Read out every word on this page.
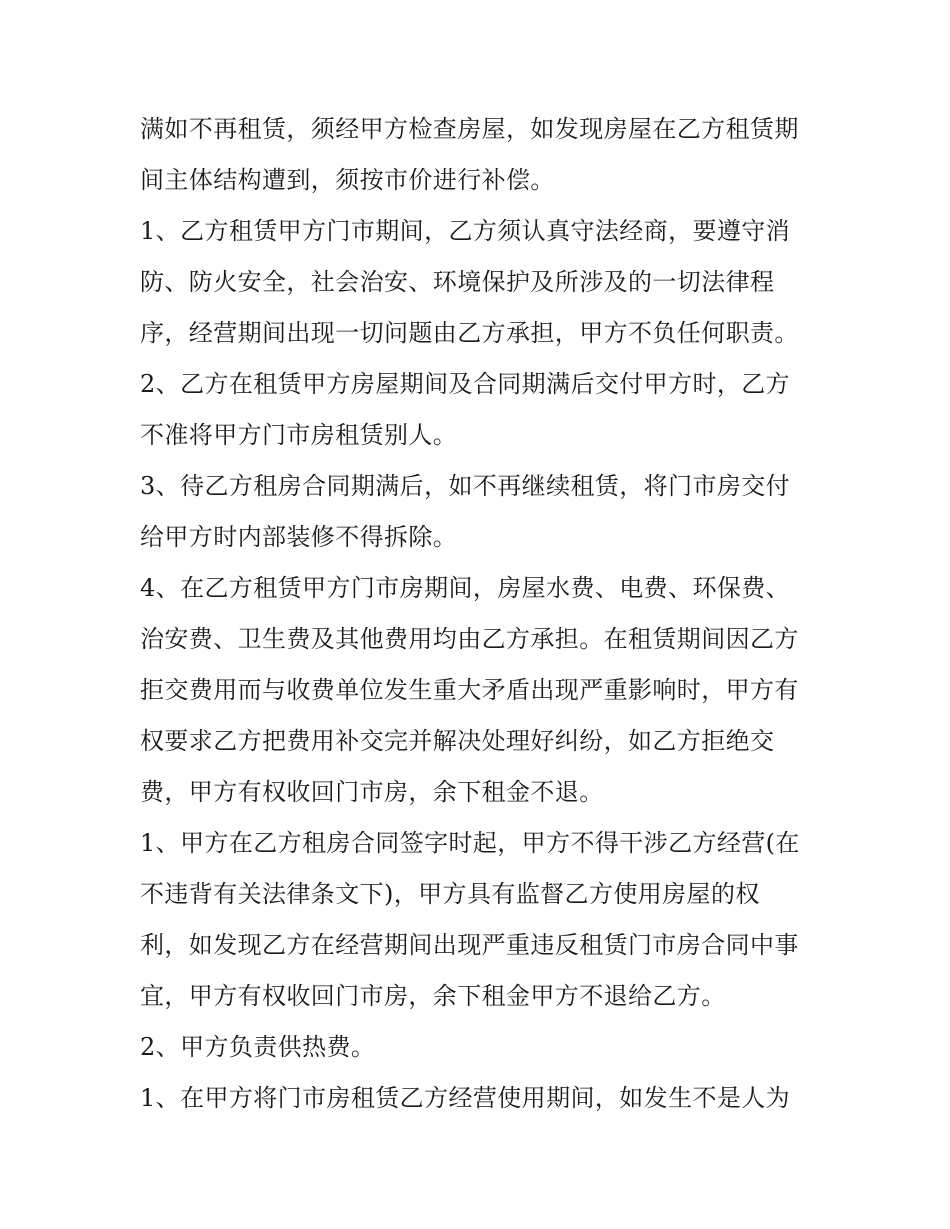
满如不再租赁，须经甲方检查房屋，如发现房屋在乙方租赁期
间主体结构遭到，须按市价进行补偿。
1、乙方租赁甲方门市期间，乙方须认真守法经商，要遵守消
防、防火安全，社会治安、环境保护及所涉及的一切法律程
序，经营期间出现一切问题由乙方承担，甲方不负任何职责。
2、乙方在租赁甲方房屋期间及合同期满后交付甲方时，乙方
不准将甲方门市房租赁别人。
3、待乙方租房合同期满后，如不再继续租赁，将门市房交付
给甲方时内部装修不得拆除。
4、在乙方租赁甲方门市房期间，房屋水费、电费、环保费、
治安费、卫生费及其他费用均由乙方承担。在租赁期间因乙方
拒交费用而与收费单位发生重大矛盾出现严重影响时，甲方有
权要求乙方把费用补交完并解决处理好纠纷，如乙方拒绝交
费，甲方有权收回门市房，余下租金不退。
1、甲方在乙方租房合同签字时起，甲方不得干涉乙方经营(在
不违背有关法律条文下)，甲方具有监督乙方使用房屋的权
利，如发现乙方在经营期间出现严重违反租赁门市房合同中事
宜，甲方有权收回门市房，余下租金甲方不退给乙方。
2、甲方负责供热费。
1、在甲方将门市房租赁乙方经营使用期间，如发生不是人为
